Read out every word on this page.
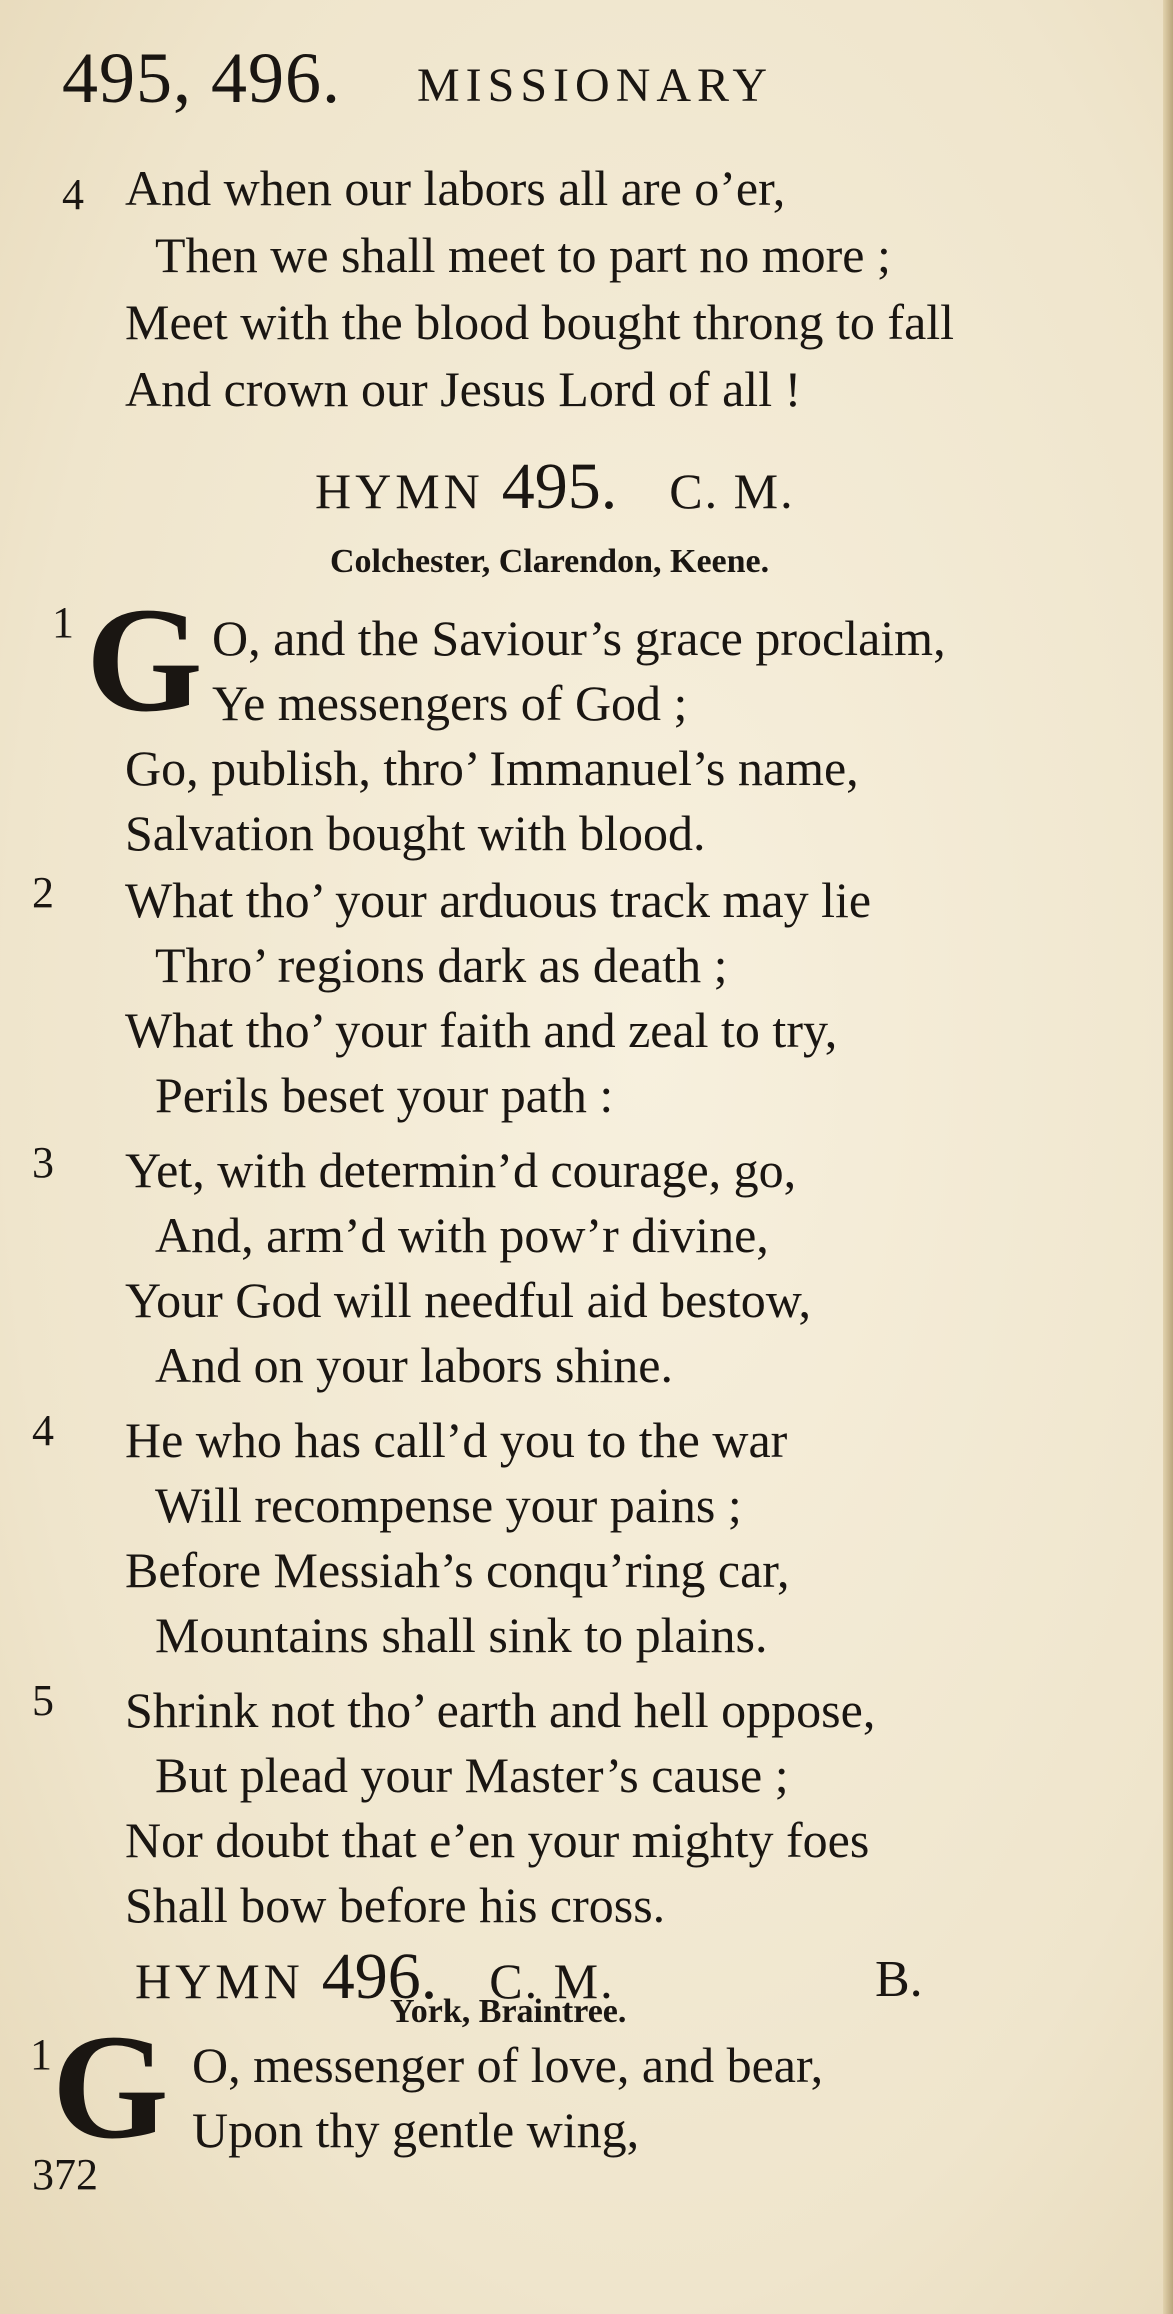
495, 496. MISSIONARY
4 And when our labors all are o’er,
Then we shall meet to part no more ;
Meet with the blood bought throng to fall
And crown our Jesus Lord of all !
HYMN 495. C. M.
Colchester, Clarendon, Keene.
1 G O, and the Saviour’s grace proclaim,
Ye messengers of God ;
Go, publish, thro’ Immanuel’s name,
Salvation bought with blood.
2 What tho’ your arduous track may lie
Thro’ regions dark as death ;
What tho’ your faith and zeal to try,
Perils beset your path :
3 Yet, with determin’d courage, go,
And, arm’d with pow’r divine,
Your God will needful aid bestow,
And on your labors shine.
4 He who has call’d you to the war
Will recompense your pains ;
Before Messiah’s conqu’ring car,
Mountains shall sink to plains.
5 Shrink not tho’ earth and hell oppose,
But plead your Master’s cause ;
Nor doubt that e’en your mighty foes
Shall bow before his cross.
HYMN 496. C. M.	B.
York, Braintree.
1 G O, messenger of love, and bear,
Upon thy gentle wing,
372
